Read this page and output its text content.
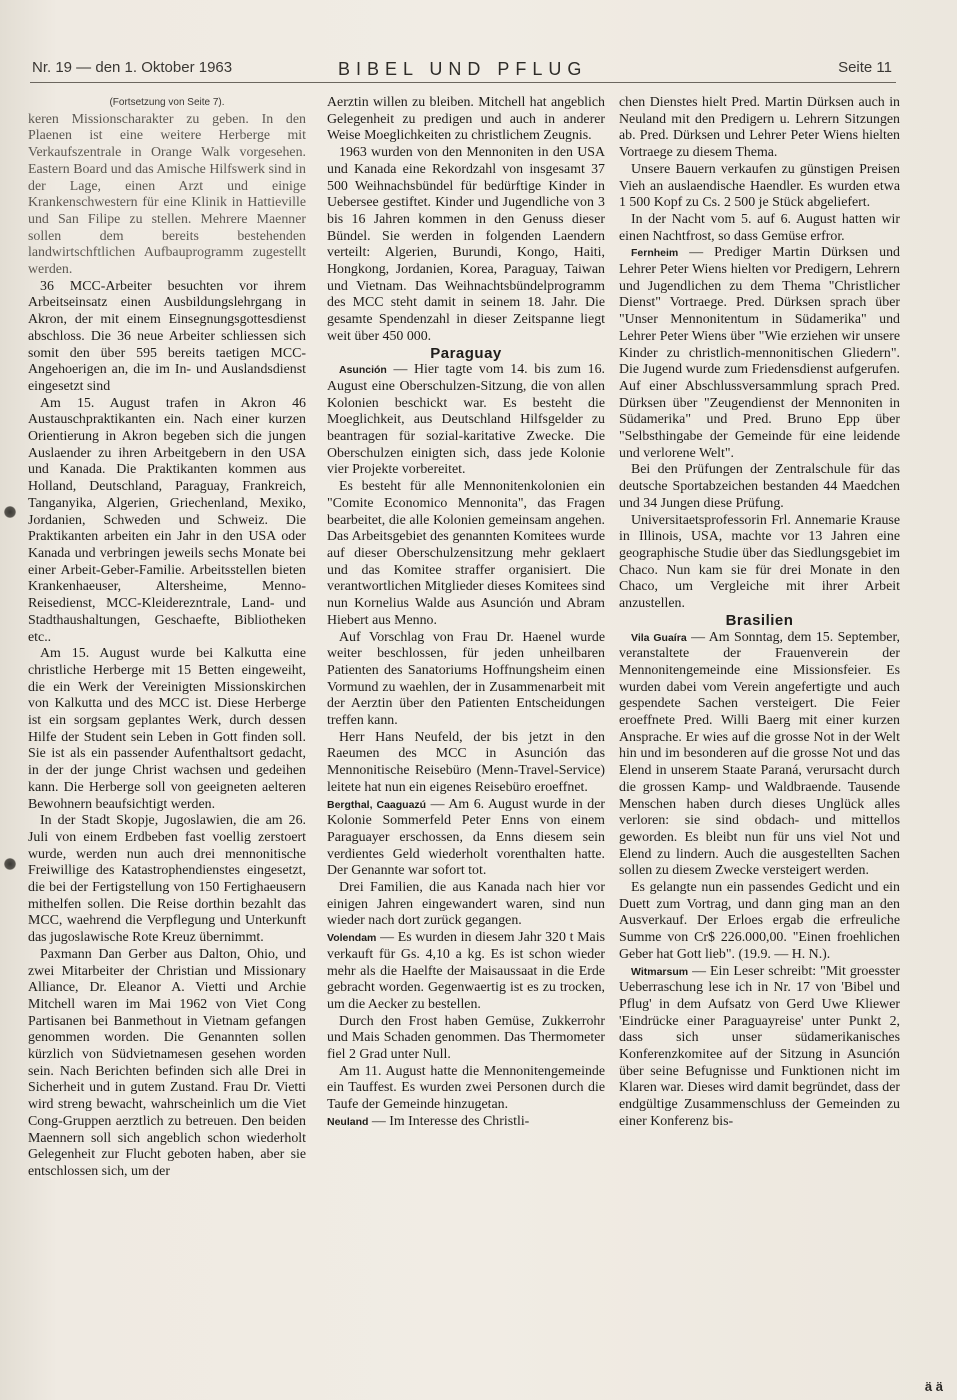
Nr. 19 — den 1. Oktober 1963	BIBEL UND PFLUG	Seite 11

(Fortsetzung von Seite 7).

keren Missionscharakter zu geben. In den Plaenen ist eine weitere Herberge mit Verkaufszentrale in Orange Walk vorgesehen. Eastern Board und das Amische Hilfswerk sind in der Lage, einen Arzt und einige Krankenschwestern für eine Klinik in Hattieville und San Filipe zu stellen. Mehrere Maenner sollen dem bereits bestehenden landwirtschftlichen Aufbauprogramm zugestellt werden.

36 MCC-Arbeiter besuchten vor ihrem Arbeitseinsatz einen Ausbildungslehrgang in Akron, der mit einem Einsegnungsgottesdienst abschloss. Die 36 neue Arbeiter schliessen sich somit den über 595 bereits taetigen MCC-Angehoerigen an, die im In- und Auslandsdienst eingesetzt sind

Am 15. August trafen in Akron 46 Austauschpraktikanten ein. Nach einer kurzen Orientierung in Akron begeben sich die jungen Auslaender zu ihren Arbeitgebern in den USA und Kanada. Die Praktikanten kommen aus Holland, Deutschland, Paraguay, Frankreich, Tanganyika, Algerien, Griechenland, Mexiko, Jordanien, Schweden und Schweiz. Die Praktikanten arbeiten ein Jahr in den USA oder Kanada und verbringen jeweils sechs Monate bei einer Arbeit-Geber-Familie. Arbeitsstellen bieten Krankenhaeuser, Altersheime, Menno-Reisedienst, MCC-Kleiderezntrale, Land- und Stadthaushaltungen, Geschaefte, Bibliotheken etc..

Am 15. August wurde bei Kalkutta eine christliche Herberge mit 15 Betten eingeweiht, die ein Werk der Vereinigten Missionskirchen von Kalkutta und des MCC ist. Diese Herberge ist ein sorgsam geplantes Werk, durch dessen Hilfe der Student sein Leben in Gott finden soll. Sie ist als ein passender Aufenthaltsort gedacht, in der der junge Christ wachsen und gedeihen kann. Die Herberge soll von geeigneten aelteren Bewohnern beaufsichtigt werden.

In der Stadt Skopje, Jugoslawien, die am 26. Juli von einem Erdbeben fast voellig zerstoert wurde, werden nun auch drei mennonitische Freiwillige des Katastrophendienstes eingesetzt, die bei der Fertigstellung von 150 Fertighaeusern mithelfen sollen. Die Reise dorthin bezahlt das MCC, waehrend die Verpflegung und Unterkunft das jugoslawische Rote Kreuz übernimmt.

Paxmann Dan Gerber aus Dalton, Ohio, und zwei Mitarbeiter der Christian und Missionary Alliance, Dr. Eleanor A. Vietti und Archie Mitchell waren im Mai 1962 von Viet Cong Partisanen bei Banmethout in Vietnam gefangen genommen worden. Die Genannten sollen kürzlich von Südvietnamesen gesehen worden sein. Nach Berichten befinden sich alle Drei in Sicherheit und in gutem Zustand. Frau Dr. Vietti wird streng bewacht, wahrscheinlich um die Viet Cong-Gruppen aerztlich zu betreuen. Den beiden Maennern soll sich angeblich schon wiederholt Gelegenheit zur Flucht geboten haben, aber sie entschlossen sich, um der

Aerztin willen zu bleiben. Mitchell hat angeblich Gelegenheit zu predigen und auch in anderer Weise Moeglichkeiten zu christlichem Zeugnis.

1963 wurden von den Mennoniten in den USA und Kanada eine Rekordzahl von insgesamt 37 500 Weihnachsbündel für bedürftige Kinder in Uebersee gestiftet. Kinder und Jugendliche von 3 bis 16 Jahren kommen in den Genuss dieser Bündel. Sie werden in folgenden Laendern verteilt: Algerien, Burundi, Kongo, Haiti, Hongkong, Jordanien, Korea, Paraguay, Taiwan und Vietnam. Das Weihnachtsbündelprogramm des MCC steht damit in seinem 18. Jahr. Die gesamte Spendenzahl in dieser Zeitspanne liegt weit über 450 000.

Paraguay

Asunción — Hier tagte vom 14. bis zum 16. August eine Oberschulzen-Sitzung, die von allen Kolonien beschickt war. Es besteht die Moeglichkeit, aus Deutschland Hilfsgelder zu beantragen für sozial-karitative Zwecke. Die Oberschulzen einigten sich, dass jede Kolonie vier Projekte vorbereitet.

Es besteht für alle Mennonitenkolonien ein "Comite Economico Mennonita", das Fragen bearbeitet, die alle Kolonien gemeinsam angehen. Das Arbeitsgebiet des genannten Komitees wurde auf dieser Oberschulzensitzung mehr geklaert und das Komitee straffer organisiert. Die verantwortlichen Mitglieder dieses Komitees sind nun Kornelius Walde aus Asunción und Abram Hiebert aus Menno.

Auf Vorschlag von Frau Dr. Haenel wurde weiter beschlossen, für jeden unheilbaren Patienten des Sanatoriums Hoffnungsheim einen Vormund zu waehlen, der in Zusammenarbeit mit der Aerztin über den Patienten Entscheidungen treffen kann.

Herr Hans Neufeld, der bis jetzt in den Raeumen des MCC in Asunción das Mennonitische Reisebüro (Menn-Travel-Service) leitete hat nun ein eigenes Reisebüro eroeffnet.

Bergthal, Caaguazú — Am 6. August wurde in der Kolonie Sommerfeld Peter Enns von einem Paraguayer erschossen, da Enns diesem sein verdientes Geld wiederholt vorenthalten hatte. Der Genannte war sofort tot.

Drei Familien, die aus Kanada nach hier vor einigen Jahren eingewandert waren, sind nun wieder nach dort zurück gegangen.

Volendam — Es wurden in diesem Jahr 320 t Mais verkauft für Gs. 4,10 a kg. Es ist schon wieder mehr als die Haelfte der Maisaussaat in die Erde gebracht worden. Gegenwaertig ist es zu trocken, um die Aecker zu bestellen.

Durch den Frost haben Gemüse, Zukkerrohr und Mais Schaden genommen. Das Thermometer fiel 2 Grad unter Null.

Am 11. August hatte die Mennonitengemeinde ein Tauffest. Es wurden zwei Personen durch die Taufe der Gemeinde hinzugetan.

Neuland — Im Interesse des Christli-

chen Dienstes hielt Pred. Martin Dürksen auch in Neuland mit den Predigern u. Lehrern Sitzungen ab. Pred. Dürksen und Lehrer Peter Wiens hielten Vortraege zu diesem Thema.

Unsere Bauern verkaufen zu günstigen Preisen Vieh an auslaendische Haendler. Es wurden etwa 1 500 Kopf zu Cs. 2 500 je Stück abgeliefert.

In der Nacht vom 5. auf 6. August hatten wir einen Nachtfrost, so dass Gemüse erfror.

Fernheim — Prediger Martin Dürksen und Lehrer Peter Wiens hielten vor Predigern, Lehrern und Jugendlichen zu dem Thema "Christlicher Dienst" Vortraege. Pred. Dürksen sprach über "Unser Mennonitentum in Südamerika" und Lehrer Peter Wiens über "Wie erziehen wir unsere Kinder zu christlich-mennonitischen Gliedern". Die Jugend wurde zum Friedensdienst aufgerufen. Auf einer Abschlussversammlung sprach Pred. Dürksen über "Zeugendienst der Mennoniten in Südamerika" und Pred. Bruno Epp über "Selbsthingabe der Gemeinde für eine leidende und verlorene Welt".

Bei den Prüfungen der Zentralschule für das deutsche Sportabzeichen bestanden 44 Maedchen und 34 Jungen diese Prüfung.

Universitaetsprofessorin Frl. Annemarie Krause in Illinois, USA, machte vor 13 Jahren eine geographische Studie über das Siedlungsgebiet im Chaco. Nun kam sie für drei Monate in den Chaco, um Vergleiche mit ihrer Arbeit anzustellen.

Brasilien

Vila Guaíra — Am Sonntag, dem 15. September, veranstaltete der Frauenverein der Mennonitengemeinde eine Missionsfeier. Es wurden dabei vom Verein angefertigte und auch gespendete Sachen versteigert. Die Feier eroeffnete Pred. Willi Baerg mit einer kurzen Ansprache. Er wies auf die grosse Not in der Welt hin und im besonderen auf die grosse Not und das Elend in unserem Staate Paraná, verursacht durch die grossen Kamp- und Waldbraende. Tausende Menschen haben durch dieses Unglück alles verloren: sie sind obdach- und mittellos geworden. Es bleibt nun für uns viel Not und Elend zu lindern. Auch die ausgestellten Sachen sollen zu diesem Zwecke versteigert werden.

Es gelangte nun ein passendes Gedicht und ein Duett zum Vortrag, und dann ging man an den Ausverkauf. Der Erloes ergab die erfreuliche Summe von Cr$ 226.000,00. "Einen froehlichen Geber hat Gott lieb". (19.9. — H. N.).

Witmarsum — Ein Leser schreibt: "Mit groesster Ueberraschung lese ich in Nr. 17 von 'Bibel und Pflug' in dem Aufsatz von Gerd Uwe Kliewer 'Eindrücke einer Paraguayreise' unter Punkt 2, dass sich unser südamerikanisches Konferenzkomitee auf der Sitzung in Asunción über seine Befugnisse und Funktionen nicht im Klaren war. Dieses wird damit begründet, dass der endgültige Zusammenschluss der Gemeinden zu einer Konferenz bis-

ä ä
